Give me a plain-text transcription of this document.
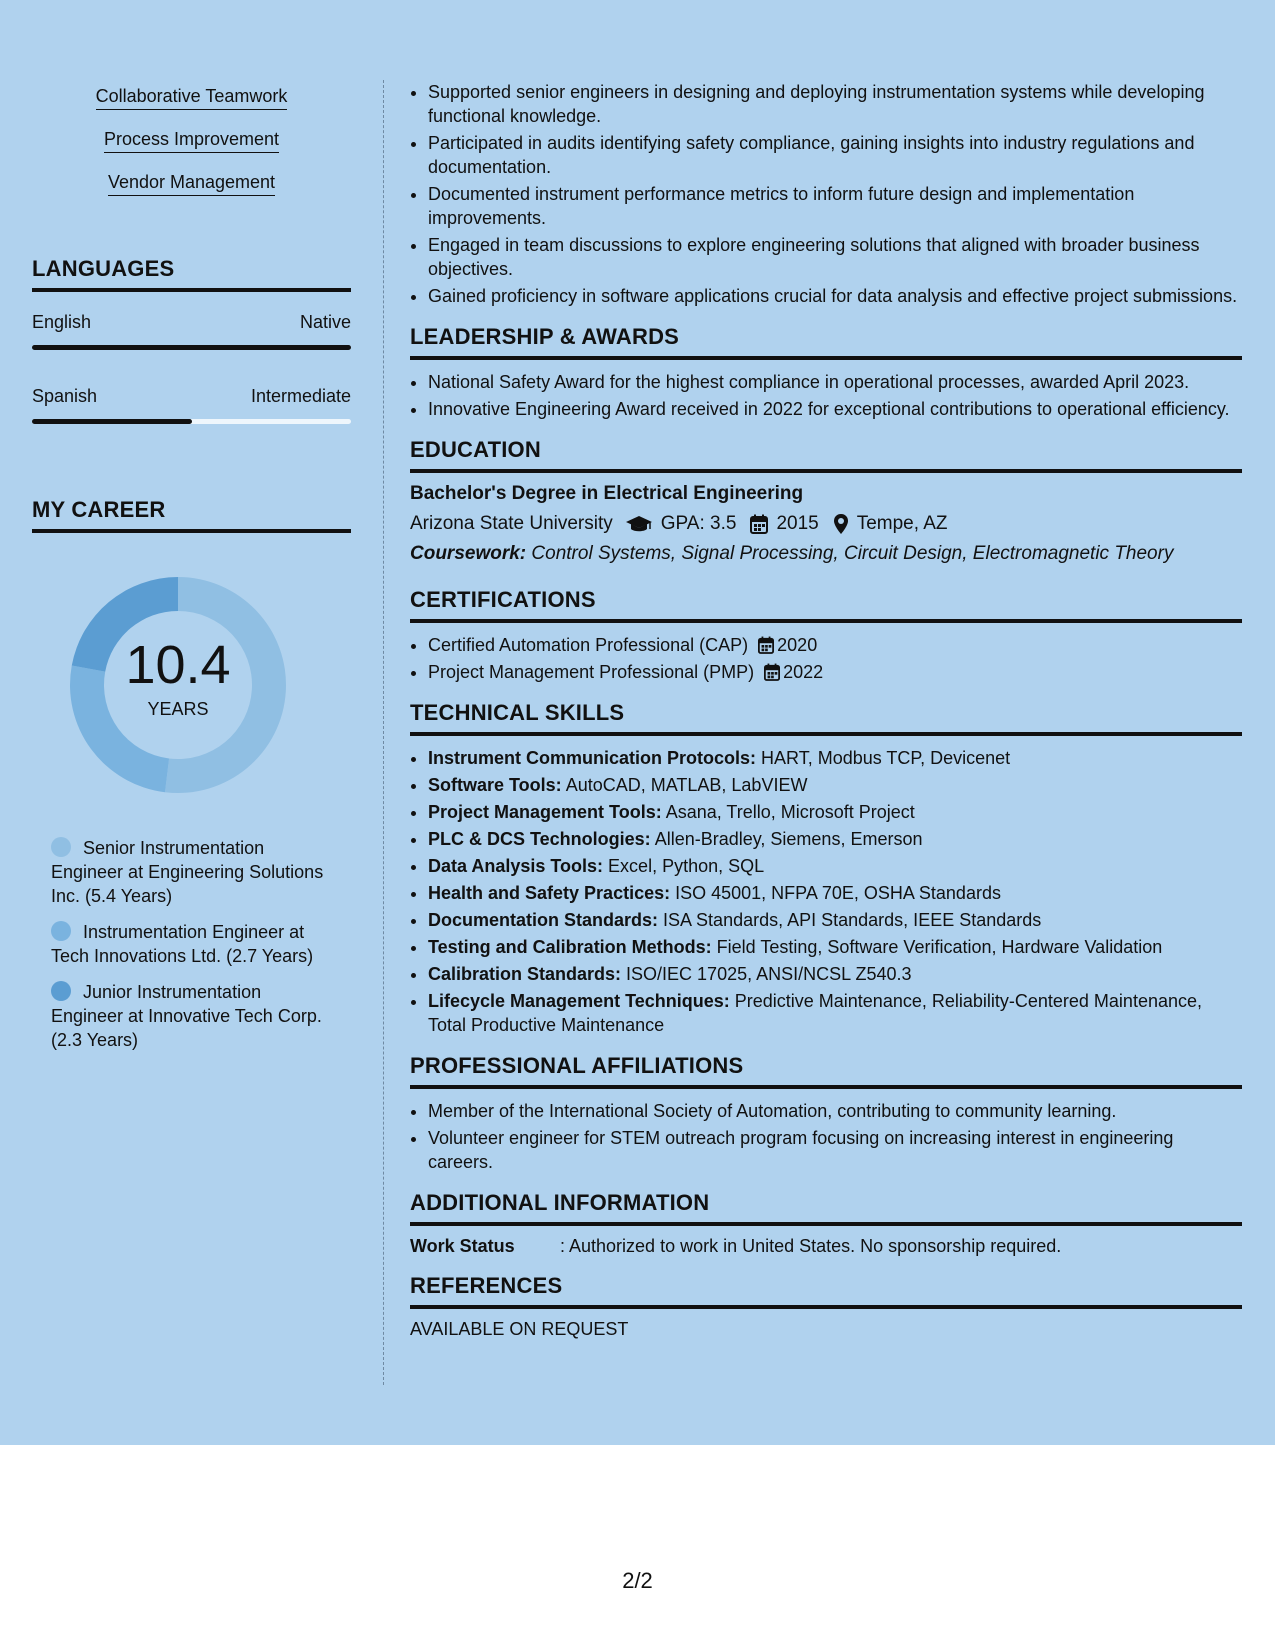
Collaborative Teamwork

Process Improvement

Vendor Management

LANGUAGES
English	Native
Spanish	Intermediate
MY CAREER
10.4
YEARS
Senior Instrumentation Engineer at Engineering Solutions Inc. (5.4 Years)
Instrumentation Engineer at Tech Innovations Ltd. (2.7 Years)
Junior Instrumentation Engineer at Innovative Tech Corp. (2.3 Years)
• Supported senior engineers in designing and deploying instrumentation systems while developing functional knowledge.
• Participated in audits identifying safety compliance, gaining insights into industry regulations and documentation.
• Documented instrument performance metrics to inform future design and implementation improvements.
• Engaged in team discussions to explore engineering solutions that aligned with broader business objectives.
• Gained proficiency in software applications crucial for data analysis and effective project submissions.
LEADERSHIP & AWARDS
• National Safety Award for the highest compliance in operational processes, awarded April 2023.
• Innovative Engineering Award received in 2022 for exceptional contributions to operational efficiency.
EDUCATION

Bachelor's Degree in Electrical Engineering

Arizona State University	GPA: 3.5 2015 Tempe, AZ
Coursework: Control Systems, Signal Processing, Circuit Design, Electromagnetic Theory
CERTIFICATIONS
• Certified Automation Professional (CAP) 2020
• Project Management Professional (PMP) 2022
TECHNICAL SKILLS
• Instrument Communication Protocols: HART, Modbus TCP, Devicenet
• Software Tools: AutoCAD, MATLAB, LabVIEW
• Project Management Tools: Asana, Trello, Microsoft Project
• PLC & DCS Technologies: Allen-Bradley, Siemens, Emerson
• Data Analysis Tools: Excel, Python, SQL
• Health and Safety Practices: ISO 45001, NFPA 70E, OSHA Standards
• Documentation Standards: ISA Standards, API Standards, IEEE Standards
• Testing and Calibration Methods: Field Testing, Software Verification, Hardware Validation
• Calibration Standards: ISO/IEC 17025, ANSI/NCSL Z540.3
• Lifecycle Management Techniques: Predictive Maintenance, Reliability-Centered Maintenance, Total Productive Maintenance
PROFESSIONAL AFFILIATIONS
• Member of the International Society of Automation, contributing to community learning.
• Volunteer engineer for STEM outreach program focusing on increasing interest in engineering careers.
ADDITIONAL INFORMATION
Work Status	: Authorized to work in United States. No sponsorship required.
REFERENCES
AVAILABLE ON REQUEST
2/2
